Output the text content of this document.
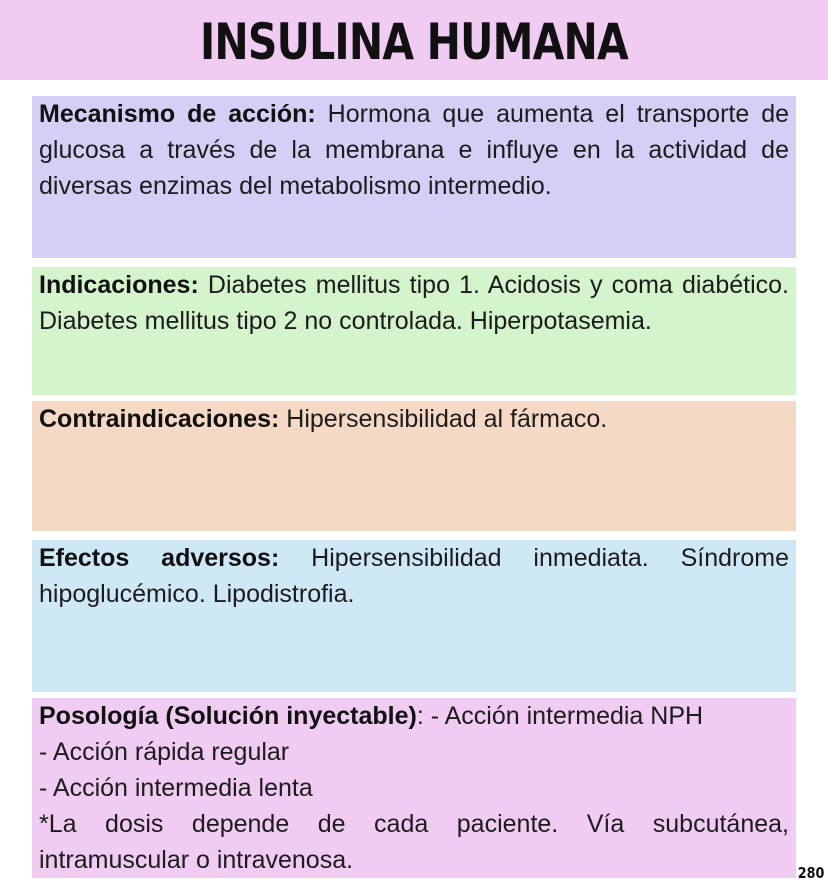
INSULINA HUMANA
Mecanismo de acción: Hormona que aumenta el transporte de glucosa a través de la membrana e influye en la actividad de diversas enzimas del metabolismo intermedio.
Indicaciones: Diabetes mellitus tipo 1. Acidosis y coma diabético. Diabetes mellitus tipo 2 no controlada. Hiperpotasemia.
Contraindicaciones: Hipersensibilidad al fármaco.
Efectos adversos: Hipersensibilidad inmediata. Síndrome hipoglucémico. Lipodistrofia.
Posología (Solución inyectable): - Acción intermedia NPH
- Acción rápida regular
- Acción intermedia lenta
*La dosis depende de cada paciente. Vía subcutánea, intramuscular o intravenosa.	280
